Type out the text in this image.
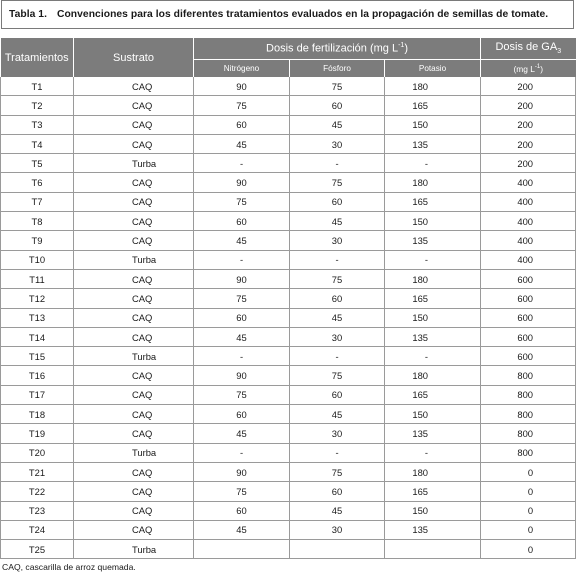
Tabla 1. Convenciones para los diferentes tratamientos evaluados en la propagación de semillas de tomate.
Tratamientos	Sustrato	Dosis de fertilización (mg $L^{-1}$)			Dosis de $GA_3$
		Nitrógeno	Fósforo	Potasio	(mg $L^{-1}$)
T1	CAQ	90	75	180	200
T2	CAQ	75	60	165	200
T3	CAQ	60	45	150	200
T4	CAQ	45	30	135	200
T5	Turba	-	-	-	200
T6	CAQ	90	75	180	400
T7	CAQ	75	60	165	400
T8	CAQ	60	45	150	400
T9	CAQ	45	30	135	400
T10	Turba	-	-	-	400
T11	CAQ	90	75	180	600
T12	CAQ	75	60	165	600
T13	CAQ	60	45	150	600
T14	CAQ	45	30	135	600
T15	Turba	-	-	-	600
T16	CAQ	90	75	180	800
T17	CAQ	75	60	165	800
T18	CAQ	60	45	150	800
T19	CAQ	45	30	135	800
T20	Turba	-	-	-	800
T21	CAQ	90	75	180	0
T22	CAQ	75	60	165	0
T23	CAQ	60	45	150	0
T24	CAQ	45	30	135	0
T25	Turba				0
CAQ, cascarilla de arroz quemada.
